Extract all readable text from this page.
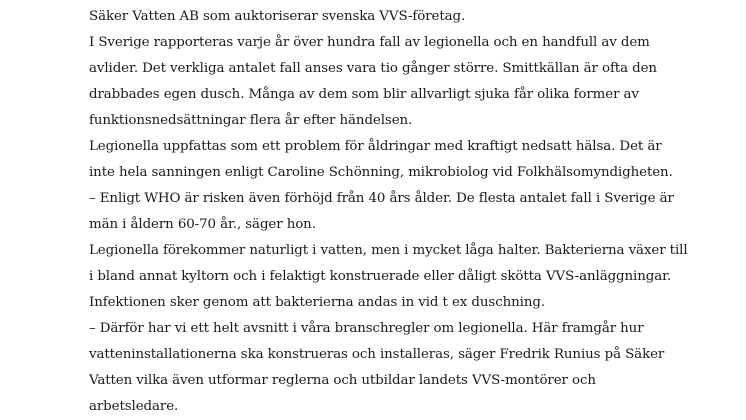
Säker Vatten AB som auktoriserar svenska VVS-företag.
I Sverige rapporteras varje år över hundra fall av legionella och en handfull av dem
avlider. Det verkliga antalet fall anses vara tio gånger större. Smittkällan är ofta den
drabbades egen dusch. Många av dem som blir allvarligt sjuka får olika former av
funktionsnedsättningar flera år efter händelsen.
Legionella uppfattas som ett problem för åldringar med kraftigt nedsatt hälsa. Det är
inte hela sanningen enligt Caroline Schönning, mikrobiolog vid Folkhälsomyndigheten.
– Enligt WHO är risken även förhöjd från 40 års ålder. De flesta antalet fall i Sverige är
män i åldern 60-70 år., säger hon.
Legionella förekommer naturligt i vatten, men i mycket låga halter. Bakterierna växer till
i bland annat kyltorn och i felaktigt konstruerade eller dåligt skötta VVS-anläggningar.
Infektionen sker genom att bakterierna andas in vid t ex duschning.
– Därför har vi ett helt avsnitt i våra branschregler om legionella. Här framgår hur
vatteninstallationerna ska konstrueras och installeras, säger Fredrik Runius på Säker
Vatten vilka även utformar reglerna och utbildar landets VVS-montörer och
arbetsledare.
